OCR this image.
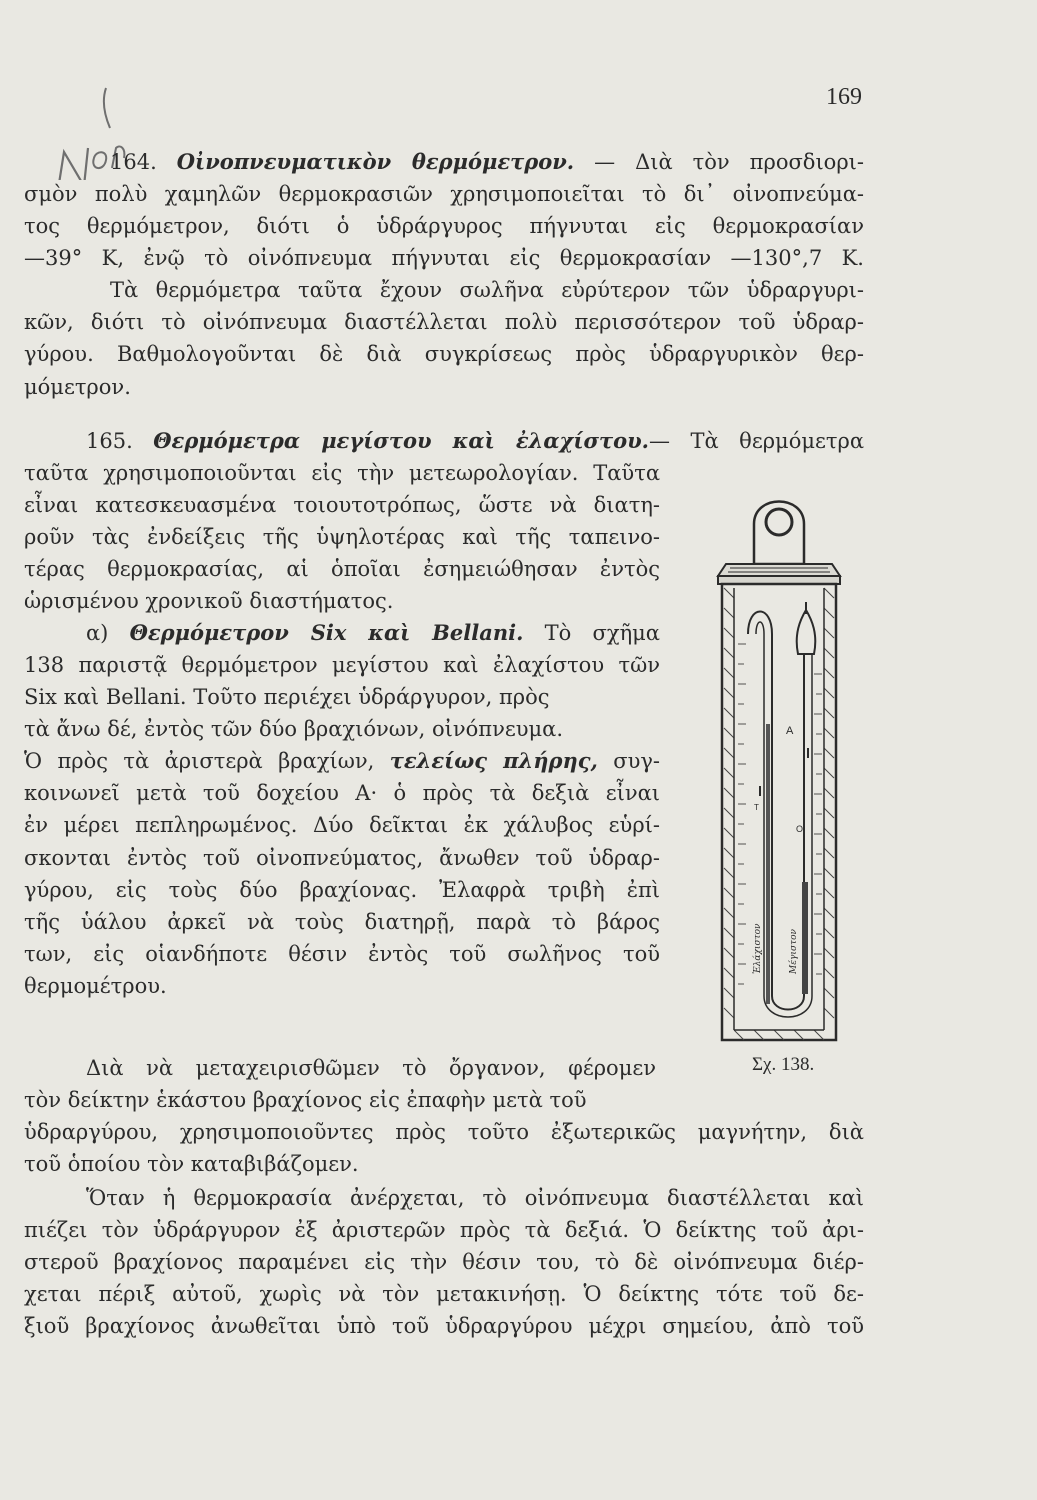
169
164. Οἰνοπνευματικὸν θερμόμετρον. — Διὰ τὸν προσδιορι-
σμὸν πολὺ χαμηλῶν θερμοκρασιῶν χρησιμοποιεῖται τὸ δι᾽ οἰνοπνεύμα-
τος θερμόμετρον, διότι ὁ ὑδράργυρος πήγνυται εἰς θερμοκρασίαν
—39° Κ, ἐνῷ τὸ οἰνόπνευμα πήγνυται εἰς θερμοκρασίαν —130°,7 Κ.
Τὰ θερμόμετρα ταῦτα ἔχουν σωλῆνα εὐρύτερον τῶν ὑδραργυρι-
κῶν, διότι τὸ οἰνόπνευμα διαστέλλεται πολὺ περισσότερον τοῦ ὑδραρ-
γύρου. Βαθμολογοῦνται δὲ διὰ συγκρίσεως πρὸς ὑδραργυρικὸν θερ-
μόμετρον.
165. Θερμόμετρα μεγίστου καὶ ἐλαχίστου.— Τὰ θερμόμετρα
ταῦτα χρησιμοποιοῦνται εἰς τὴν μετεωρολογίαν. Ταῦτα
εἶναι κατεσκευασμένα τοιουτοτρόπως, ὥστε νὰ διατη-
ροῦν τὰς ἐνδείξεις τῆς ὑψηλοτέρας καὶ τῆς ταπεινο-
τέρας θερμοκρασίας, αἱ ὁποῖαι ἐσημειώθησαν ἐντὸς
ὡρισμένου χρονικοῦ διαστήματος.
α) Θερμόμετρον Six καὶ Bellani. Τὸ σχῆμα
138 παριστᾷ θερμόμετρον μεγίστου καὶ ἐλαχίστου τῶν
Six καὶ Bellani. Τοῦτο περιέχει ὑδράργυρον, πρὸς
τὰ ἄνω δέ, ἐντὸς τῶν δύο βραχιόνων, οἰνόπνευμα.
Ὁ πρὸς τὰ ἀριστερὰ βραχίων, τελείως πλήρης, συγ-
κοινωνεῖ μετὰ τοῦ δοχείου Α· ὁ πρὸς τὰ δεξιὰ εἶναι
ἐν μέρει πεπληρωμένος. Δύο δεῖκται ἐκ χάλυβος εὑρί-
σκονται ἐντὸς τοῦ οἰνοπνεύματος, ἄνωθεν τοῦ ὑδραρ-
γύρου, εἰς τοὺς δύο βραχίονας. Ἐλαφρὰ τριβὴ ἐπὶ
τῆς ὑάλου ἀρκεῖ νὰ τοὺς διατηρῇ, παρὰ τὸ βάρος
των, εἰς οἱανδήποτε θέσιν ἐντὸς τοῦ σωλῆνος τοῦ
θερμομέτρου.
A
T
O
Ἐλάχιστον	Μέγιστον
Σχ. 138.
Διὰ νὰ μεταχειρισθῶμεν τὸ ὄργανον, φέρομεν
τὸν δείκτην ἑκάστου βραχίονος εἰς ἐπαφὴν μετὰ τοῦ
ὑδραργύρου, χρησιμοποιοῦντες πρὸς τοῦτο ἐξωτερικῶς μαγνήτην, διὰ
τοῦ ὁποίου τὸν καταβιβάζομεν.
Ὅταν ἡ θερμοκρασία ἀνέρχεται, τὸ οἰνόπνευμα διαστέλλεται καὶ
πιέζει τὸν ὑδράργυρον ἐξ ἀριστερῶν πρὸς τὰ δεξιά. Ὁ δείκτης τοῦ ἀρι-
στεροῦ βραχίονος παραμένει εἰς τὴν θέσιν του, τὸ δὲ οἰνόπνευμα διέρ-
χεται πέριξ αὐτοῦ, χωρὶς νὰ τὸν μετακινήσῃ. Ὁ δείκτης τότε τοῦ δε-
ξιοῦ βραχίονος ἀνωθεῖται ὑπὸ τοῦ ὑδραργύρου μέχρι σημείου, ἀπὸ τοῦ
